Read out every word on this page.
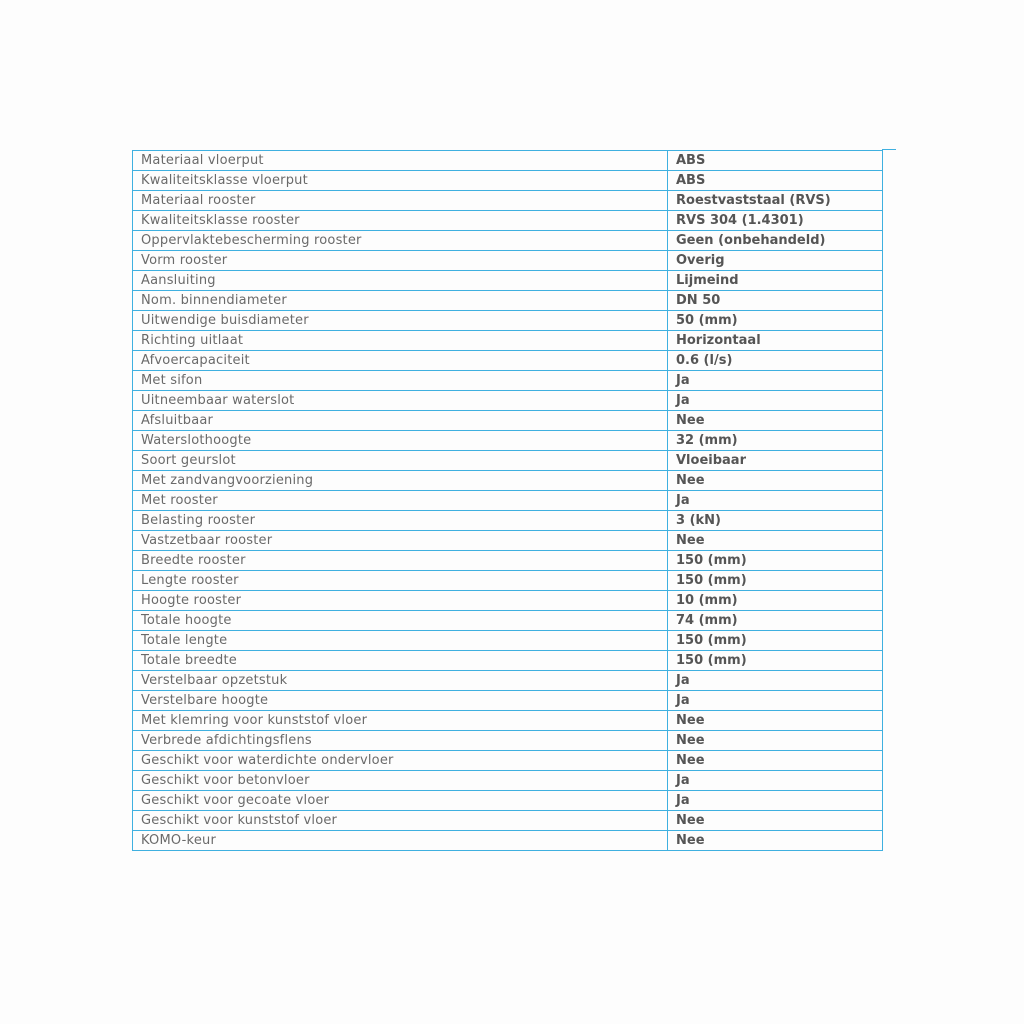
Materiaal vloerput	ABS
Kwaliteitsklasse vloerput	ABS
Materiaal rooster	Roestvaststaal (RVS)
Kwaliteitsklasse rooster	RVS 304 (1.4301)
Oppervlaktebescherming rooster	Geen (onbehandeld)
Vorm rooster	Overig
Aansluiting	Lijmeind
Nom. binnendiameter	DN 50
Uitwendige buisdiameter	50 (mm)
Richting uitlaat	Horizontaal
Afvoercapaciteit	0.6 (l/s)
Met sifon	Ja
Uitneembaar waterslot	Ja
Afsluitbaar	Nee
Waterslothoogte	32 (mm)
Soort geurslot	Vloeibaar
Met zandvangvoorziening	Nee
Met rooster	Ja
Belasting rooster	3 (kN)
Vastzetbaar rooster	Nee
Breedte rooster	150 (mm)
Lengte rooster	150 (mm)
Hoogte rooster	10 (mm)
Totale hoogte	74 (mm)
Totale lengte	150 (mm)
Totale breedte	150 (mm)
Verstelbaar opzetstuk	Ja
Verstelbare hoogte	Ja
Met klemring voor kunststof vloer	Nee
Verbrede afdichtingsflens	Nee
Geschikt voor waterdichte ondervloer	Nee
Geschikt voor betonvloer	Ja
Geschikt voor gecoate vloer	Ja
Geschikt voor kunststof vloer	Nee
KOMO-keur	Nee
